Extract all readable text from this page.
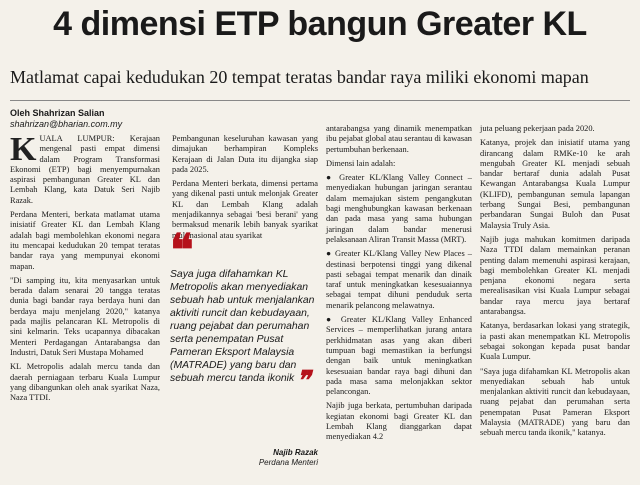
4 dimensi ETP bangun Greater KL
Matlamat capai kedudukan 20 tempat teratas bandar raya miliki ekonomi mapan
Oleh Shahrizan Salian
shahrizan@bharian.com.my

KUALA LUMPUR: Kerajaan mengenal pasti empat dimensi dalam Program Transformasi Ekonomi (ETP) bagi menyempurnakan aspirasi pembangunan Greater KL dan Lembah Klang, kata Datuk Seri Najib Razak.

Perdana Menteri, berkata matlamat utama inisiatif Greater KL dan Lembah Klang adalah bagi membolehkan ekonomi negara itu mencapai kedudukan 20 tempat teratas bandar raya yang mempunyai ekonomi mapan.

"Di samping itu, kita menyasarkan untuk berada dalam senarai 20 tangga teratas dunia bagi bandar raya berdaya huni dan berdaya maju menjelang 2020," katanya pada majlis pelancaran KL Metropolis di sini kelmarin. Teks ucapannya dibacakan Menteri Perdagangan Antarabangsa dan Industri, Datuk Seri Mustapa Mohamed

KL Metropolis adalah mercu tanda dan daerah perniagaan terbaru Kuala Lumpur yang dibangunkan oleh anak syarikat Naza, Naza TTDI.

Pembangunan keseluruhan kawasan yang dimajukan berhampiran Kompleks Kerajaan di Jalan Duta itu dijangka siap pada 2025.

Perdana Menteri berkata, dimensi pertama yang dikenal pasti untuk melonjak Greater KL dan Lembah Klang adalah menjadikannya sebagai 'besi berani' yang bermaksud menarik lebih banyak syarikat multinasional atau syarikat

❝
Saya juga difahamkan KL Metropolis akan menyediakan sebuah hab untuk menjalankan aktiviti runcit dan kebudayaan, ruang pejabat dan perumahan serta penempatan Pusat Pameran Eksport Malaysia (MATRADE) yang baru dan sebuah mercu tanda ikonik❞
Najib Razak
Perdana Menteri

antarabangsa yang dinamik menempatkan ibu pejabat global atau serantau di kawasan pertumbuhan berkenaan.

Dimensi lain adalah:

● Greater KL/Klang Valley Connect – menyediakan hubungan jaringan serantau dalam memajukan sistem pengangkutan bagi menghubungkan kawasan berkenaan dan pada masa yang sama hubungan jaringan dalam bandar menerusi pelaksanaan Aliran Transit Massa (MRT).

● Greater KL/Klang Valley New Places – destinasi berpotensi tinggi yang dikenal pasti sebagai tempat menarik dan dinaik taraf untuk meningkatkan kesesuaiannya sebagai tempat dihuni penduduk serta menarik pelancong melawatnya.

● Greater KL/Klang Valley Enhanced Services – memperlihatkan jurang antara perkhidmatan asas yang akan diberi tumpuan bagi memastikan ia berfungsi dengan baik untuk meningkatkan kesesuaian bandar raya bagi dihuni dan pada masa sama melonjakkan sektor pelancongan.

Najib juga berkata, pertumbuhan daripada kegiatan ekonomi bagi Greater KL dan Lembah Klang dianggarkan dapat menyediakan 4.2

juta peluang pekerjaan pada 2020.

Katanya, projek dan inisiatif utama yang dirancang dalam RMKe-10 ke arah mengubah Greater KL menjadi sebuah bandar bertaraf dunia adalah Pusat Kewangan Antarabangsa Kuala Lumpur (KLIFD), pembangunan semula lapangan terbang Sungai Besi, pembangunan perbandaran Sungai Buloh dan Pusat Malaysia Truly Asia.

Najib juga mahukan komitmen daripada Naza TTDI dalam memainkan peranan penting dalam memenuhi aspirasi kerajaan, bagi membolehkan Greater KL menjadi penjana ekonomi negara serta merealisasikan visi Kuala Lumpur sebagai bandar raya mercu jaya bertaraf antarabangsa.

Katanya, berdasarkan lokasi yang strategik, ia pasti akan menempatkan KL Metropolis sebagai sokongan kepada pusat bandar Kuala Lumpur.

"Saya juga difahamkan KL Metropolis akan menyediakan sebuah hab untuk menjalankan aktiviti runcit dan kebudayaan, ruang pejabat dan perumahan serta penempatan Pusat Pameran Eksport Malaysia (MATRADE) yang baru dan sebuah mercu tanda ikonik," katanya.
